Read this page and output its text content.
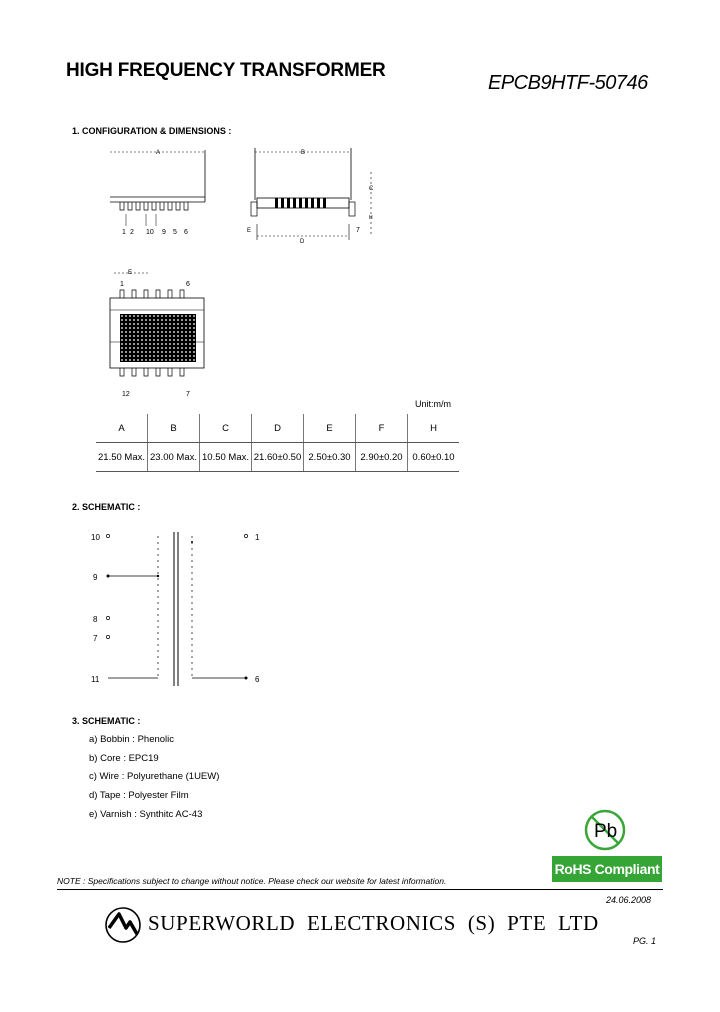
HIGH FREQUENCY TRANSFORMER
EPCB9HTF-50746
1. CONFIGURATION & DIMENSIONS :
A
1 2 10 9 5 6
B
C
H
E
D
7
E
1	6
12	7
Unit:m/m
A	B	C	D	E	F	H
21.50 Max.	23.00 Max.	10.50 Max.	21.60±0.50	2.50±0.30	2.90±0.20	0.60±0.10
2. SCHEMATIC :
10
9
8
7
11
1
6
3. SCHEMATIC :
a) Bobbin : Phenolic
b) Core : EPC19
c) Wire : Polyurethane (1UEW)
d) Tape : Polyester Film
e) Varnish : Synthitc AC-43
Pb
RoHS Compliant
NOTE : Specifications subject to change without notice. Please check our website for latest information.
24.06.2008
SUPERWORLD ELECTRONICS (S) PTE LTD
PG. 1
